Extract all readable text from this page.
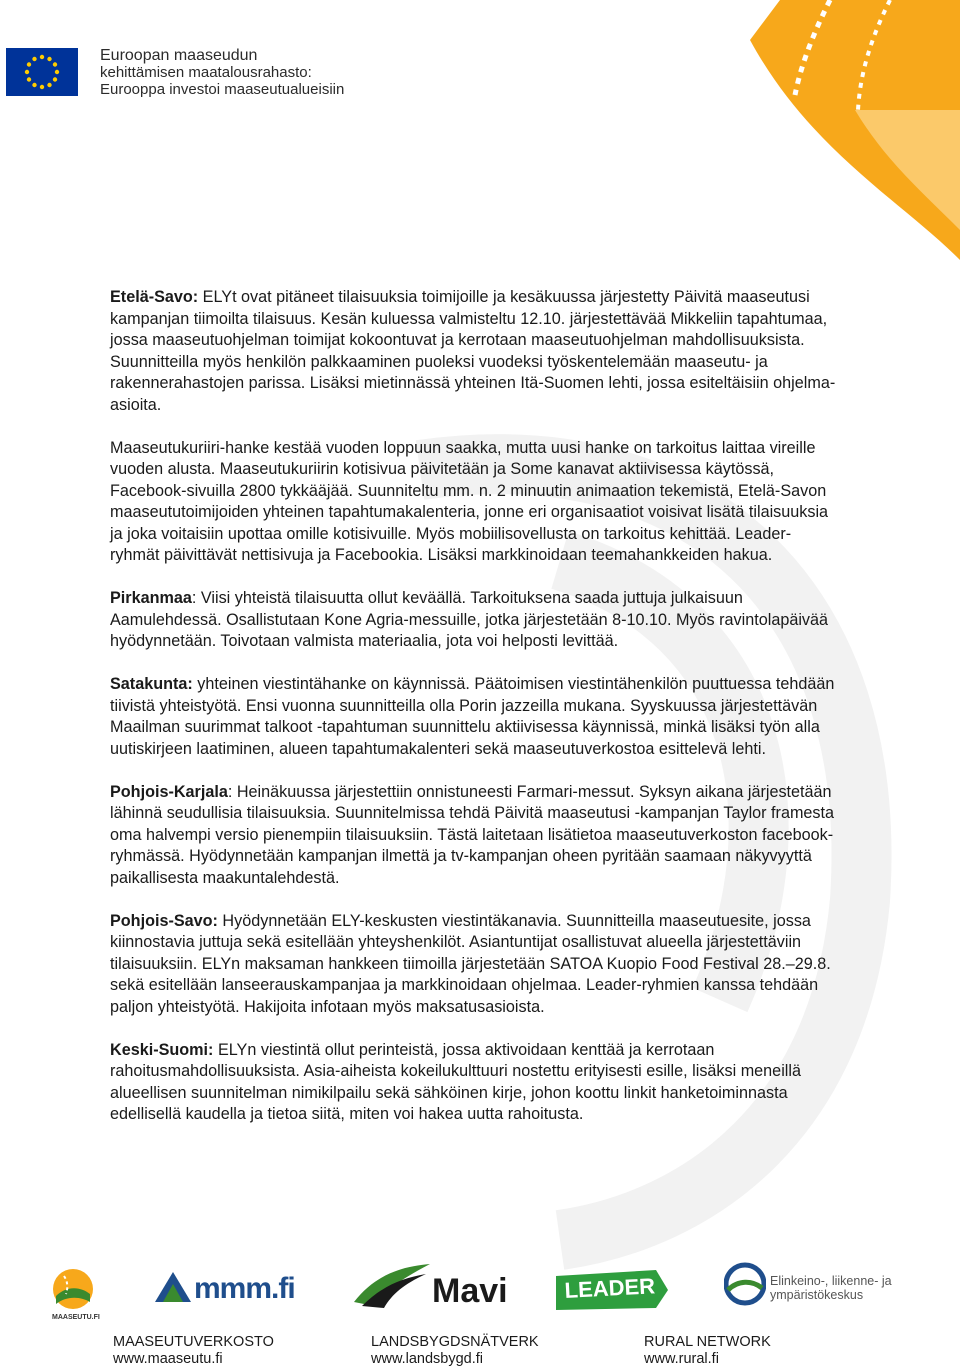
Euroopan maaseudun
kehittämisen maatalousrahasto:
Eurooppa investoi maaseutualueisiin

Etelä-Savo: ELYt ovat pitäneet tilaisuuksia toimijoille ja kesäkuussa järjestetty Päivitä maaseutusi kampanjan tiimoilta tilaisuus. Kesän kuluessa valmisteltu 12.10. järjestettävää Mikkeliin tapahtumaa, jossa maaseutuohjelman toimijat kokoontuvat ja kerrotaan maaseutuohjelman mahdollisuuksista. Suunnitteilla myös henkilön palkkaaminen puoleksi vuodeksi työskentelemään maaseutu- ja rakennerahastojen parissa. Lisäksi mietinnässä yhteinen Itä-Suomen lehti, jossa esiteltäisiin ohjelma-asioita.

Maaseutukuriiri-hanke kestää vuoden loppuun saakka, mutta uusi hanke on tarkoitus laittaa vireille vuoden alusta. Maaseutukuriirin kotisivua päivitetään ja Some kanavat aktiivisessa käytössä, Facebook-sivuilla 2800 tykkääjää. Suunniteltu mm. n. 2 minuutin animaation tekemistä, Etelä-Savon maaseututoimijoiden yhteinen tapahtumakalenteria, jonne eri organisaatiot voisivat lisätä tilaisuuksia ja joka voitaisiin upottaa omille kotisivuille. Myös mobiilisovellusta on tarkoitus kehittää. Leader-ryhmät päivittävät nettisivuja ja Facebookia. Lisäksi markkinoidaan teemahankkeiden hakua.

Pirkanmaa: Viisi yhteistä tilaisuutta ollut keväällä. Tarkoituksena saada juttuja julkaisuun Aamulehdessä. Osallistutaan Kone Agria-messuille, jotka järjestetään 8-10.10. Myös ravintolapäivää hyödynnetään. Toivotaan valmista materiaalia, jota voi helposti levittää.

Satakunta: yhteinen viestintähanke on käynnissä. Päätoimisen viestintähenkilön puuttuessa tehdään tiivistä yhteistyötä. Ensi vuonna suunnitteilla olla Porin jazzeilla mukana. Syyskuussa järjestettävän Maailman suurimmat talkoot -tapahtuman suunnittelu aktiivisessa käynnissä, minkä lisäksi työn alla uutiskirjeen laatiminen, alueen tapahtumakalenteri sekä maaseutuverkostoa esittelevä lehti.

Pohjois-Karjala: Heinäkuussa järjestettiin onnistuneesti Farmari-messut. Syksyn aikana järjestetään lähinnä seudullisia tilaisuuksia. Suunnitelmissa tehdä Päivitä maaseutusi -kampanjan Taylor framesta oma halvempi versio pienempiin tilaisuuksiin. Tästä laitetaan lisätietoa maaseutuverkoston facebook-ryhmässä. Hyödynnetään kampanjan ilmettä ja tv-kampanjan oheen pyritään saamaan näkyvyyttä paikallisesta maakuntalehdestä.

Pohjois-Savo: Hyödynnetään ELY-keskusten viestintäkanavia. Suunnitteilla maaseutuesite, jossa kiinnostavia juttuja sekä esitellään yhteyshenkilöt. Asiantuntijat osallistuvat alueella järjestettäviin tilaisuuksiin. ELYn maksaman hankkeen tiimoilla järjestetään SATOA Kuopio Food Festival 28.–29.8. sekä esitellään lanseerauskampanjaa ja markkinoidaan ohjelmaa. Leader-ryhmien kanssa tehdään paljon yhteistyötä. Hakijoita infotaan myös maksatusasioista.

Keski-Suomi: ELYn viestintä ollut perinteistä, jossa aktivoidaan kenttää ja kerrotaan rahoitusmahdollisuuksista. Asia-aiheista kokeilukulttuuri nostettu erityisesti esille, lisäksi meneillä alueellisen suunnitelman nimikilpailu sekä sähköinen kirje, johon koottu linkit hanketoiminnasta edellisellä kaudella ja tietoa siitä, miten voi hakea uutta rahoitusta.

MAASEUTU.FI
mmm.fi	Mavi	LEADER	Elinkeino-, liikenne- ja
ympäristökeskus
MAASEUTUVERKOSTO
www.maaseutu.fi
LANDSBYGDSNÄTVERK
www.landsbygd.fi
RURAL NETWORK
www.rural.fi
